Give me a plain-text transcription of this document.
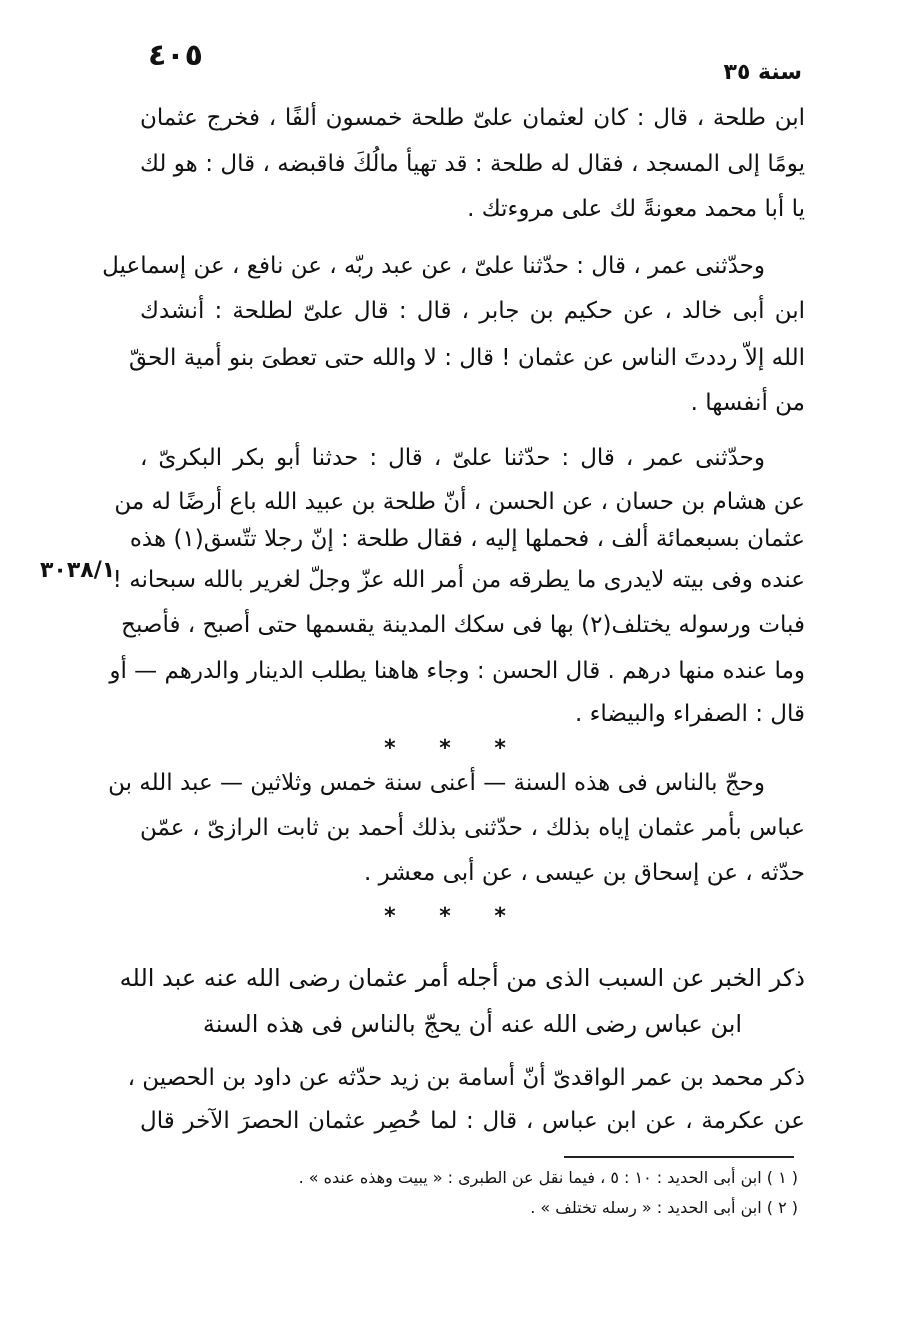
٤٠٥	سنة ٣٥
٣٠٣٨/١
ابن طلحة ، قال : كان لعثمان علىّ طلحة خمسون ألفًا ، فخرج عثمان
يومًا إلى المسجد ، فقال له طلحة : قد تهيأ مالُكَ فاقبضه ، قال : هو لك
يا أبا محمد معونةً لك على مروءتك .
وحدّثنى عمر ، قال : حدّثنا علىّ ، عن عبد ربّه ، عن نافع ، عن إسماعيل
ابن أبى خالد ، عن حكيم بن جابر ، قال : قال علىّ لطلحة : أنشدك
الله إلاّ رددتَ الناس عن عثمان ! قال : لا والله حتى تعطىَ بنو أمية الحقّ
من أنفسها .
وحدّثنى عمر ، قال : حدّثنا علىّ ، قال : حدثنا أبو بكر البكرىّ ،
عن هشام بن حسان ، عن الحسن ، أنّ طلحة بن عبيد الله باع أرضًا له من
عثمان بسبعمائة ألف ، فحملها إليه ، فقال طلحة : إنّ رجلا تتّسق(١) هذه
عنده وفى بيته لايدرى ما يطرقه من أمر الله عزّ وجلّ لغرير بالله سبحانه !
فبات ورسوله يختلف(٢) بها فى سكك المدينة يقسمها حتى أصبح ، فأصبح
وما عنده منها درهم . قال الحسن : وجاء هاهنا يطلب الدينار والدرهم — أو
قال : الصفراء والبيضاء .
* * *
وحجّ بالناس فى هذه السنة — أعنى سنة خمس وثلاثين — عبد الله بن
عباس بأمر عثمان إياه بذلك ، حدّثنى بذلك أحمد بن ثابت الرازىّ ، عمّن
حدّثه ، عن إسحاق بن عيسى ، عن أبى معشر .
* * *
ذكر الخبر عن السبب الذى من أجله أمر عثمان رضى الله عنه عبد الله
ابن عباس رضى الله عنه أن يحجّ بالناس فى هذه السنة
ذكر محمد بن عمر الواقدىّ أنّ أسامة بن زيد حدّثه عن داود بن الحصين ،
عن عكرمة ، عن ابن عباس ، قال : لما حُصِر عثمان الحصرَ الآخر قال
( ١ ) ابن أبى الحديد : ١٠ : ٥ ، فيما نقل عن الطبرى : « يبيت وهذه عنده » .
( ٢ ) ابن أبى الحديد : « رسله تختلف » .
